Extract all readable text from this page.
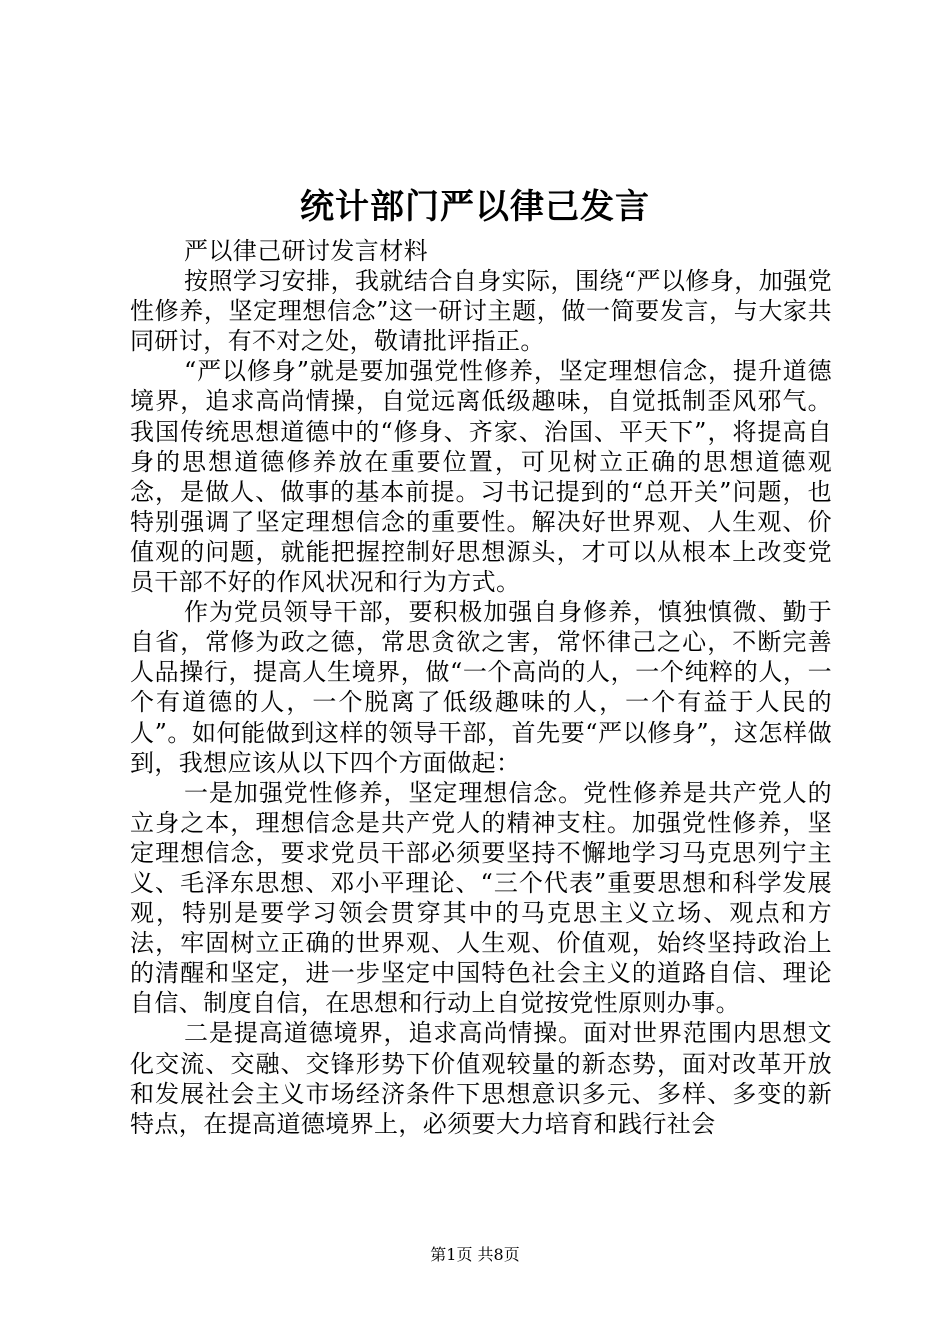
统计部门严以律己发言

严以律己研讨发言材料

按照学习安排，我就结合自身实际，围绕“严以修身，加强党性修养，坚定理想信念”这一研讨主题，做一简要发言，与大家共同研讨，有不对之处，敬请批评指正。

“严以修身”就是要加强党性修养，坚定理想信念，提升道德境界，追求高尚情操，自觉远离低级趣味，自觉抵制歪风邪气。我国传统思想道德中的“修身、齐家、治国、平天下”，将提高自身的思想道德修养放在重要位置，可见树立正确的思想道德观念，是做人、做事的基本前提。习书记提到的“总开关”问题，也特别强调了坚定理想信念的重要性。解决好世界观、人生观、价值观的问题，就能把握控制好思想源头，才可以从根本上改变党员干部不好的作风状况和行为方式。

作为党员领导干部，要积极加强自身修养，慎独慎微、勤于自省，常修为政之德，常思贪欲之害，常怀律己之心，不断完善人品操行，提高人生境界，做“一个高尚的人，一个纯粹的人，一个有道德的人，一个脱离了低级趣味的人，一个有益于人民的人”。如何能做到这样的领导干部，首先要“严以修身”，这怎样做到，我想应该从以下四个方面做起：

一是加强党性修养，坚定理想信念。党性修养是共产党人的立身之本，理想信念是共产党人的精神支柱。加强党性修养，坚定理想信念，要求党员干部必须要坚持不懈地学习马克思列宁主义、毛泽东思想、邓小平理论、“三个代表”重要思想和科学发展观，特别是要学习领会贯穿其中的马克思主义立场、观点和方法，牢固树立正确的世界观、人生观、价值观，始终坚持政治上的清醒和坚定，进一步坚定中国特色社会主义的道路自信、理论自信、制度自信，在思想和行动上自觉按党性原则办事。

二是提高道德境界，追求高尚情操。面对世界范围内思想文化交流、交融、交锋形势下价值观较量的新态势，面对改革开放和发展社会主义市场经济条件下思想意识多元、多样、多变的新特点，在提高道德境界上，必须要大力培育和践行社会

第1页 共8页
